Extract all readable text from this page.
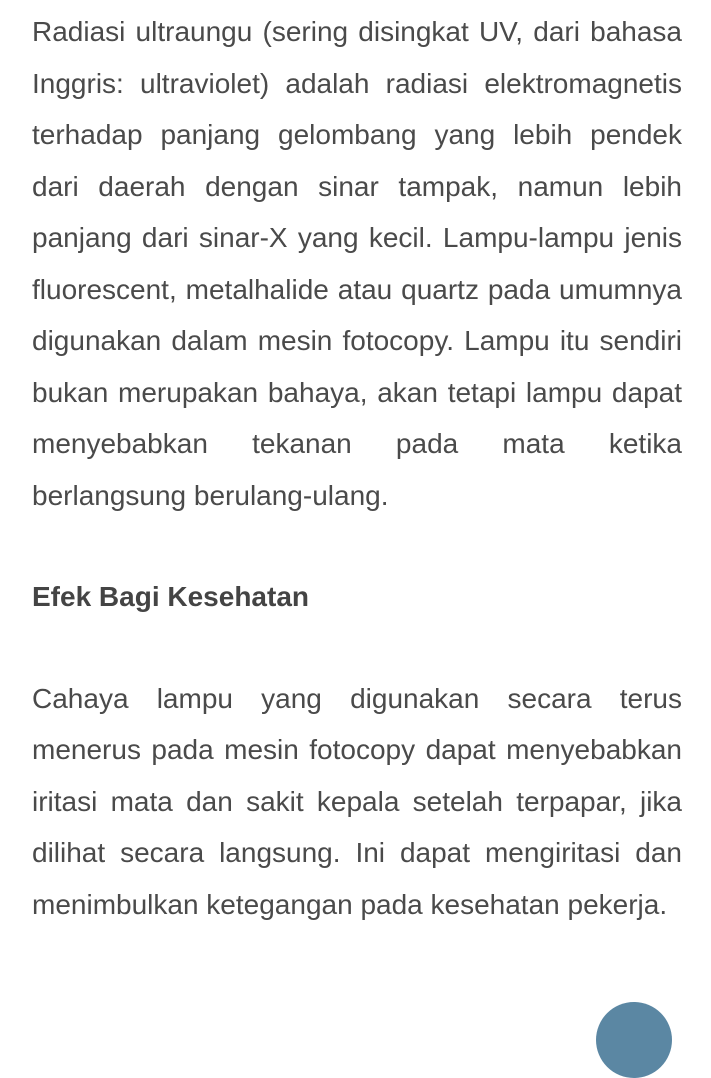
Radiasi ultraungu (sering disingkat UV, dari bahasa Inggris: ultraviolet) adalah radiasi elektromagnetis terhadap panjang gelombang yang lebih pendek dari daerah dengan sinar tampak, namun lebih panjang dari sinar-X yang kecil. Lampu-lampu jenis fluorescent, metalhalide atau quartz pada umumnya digunakan dalam mesin fotocopy. Lampu itu sendiri bukan merupakan bahaya, akan tetapi lampu dapat menyebabkan tekanan pada mata ketika berlangsung berulang-ulang.

Efek Bagi Kesehatan

Cahaya lampu yang digunakan secara terus menerus pada mesin fotocopy dapat menyebabkan iritasi mata dan sakit kepala setelah terpapar, jika dilihat secara langsung. Ini dapat mengiritasi dan menimbulkan ketegangan pada kesehatan pekerja.
